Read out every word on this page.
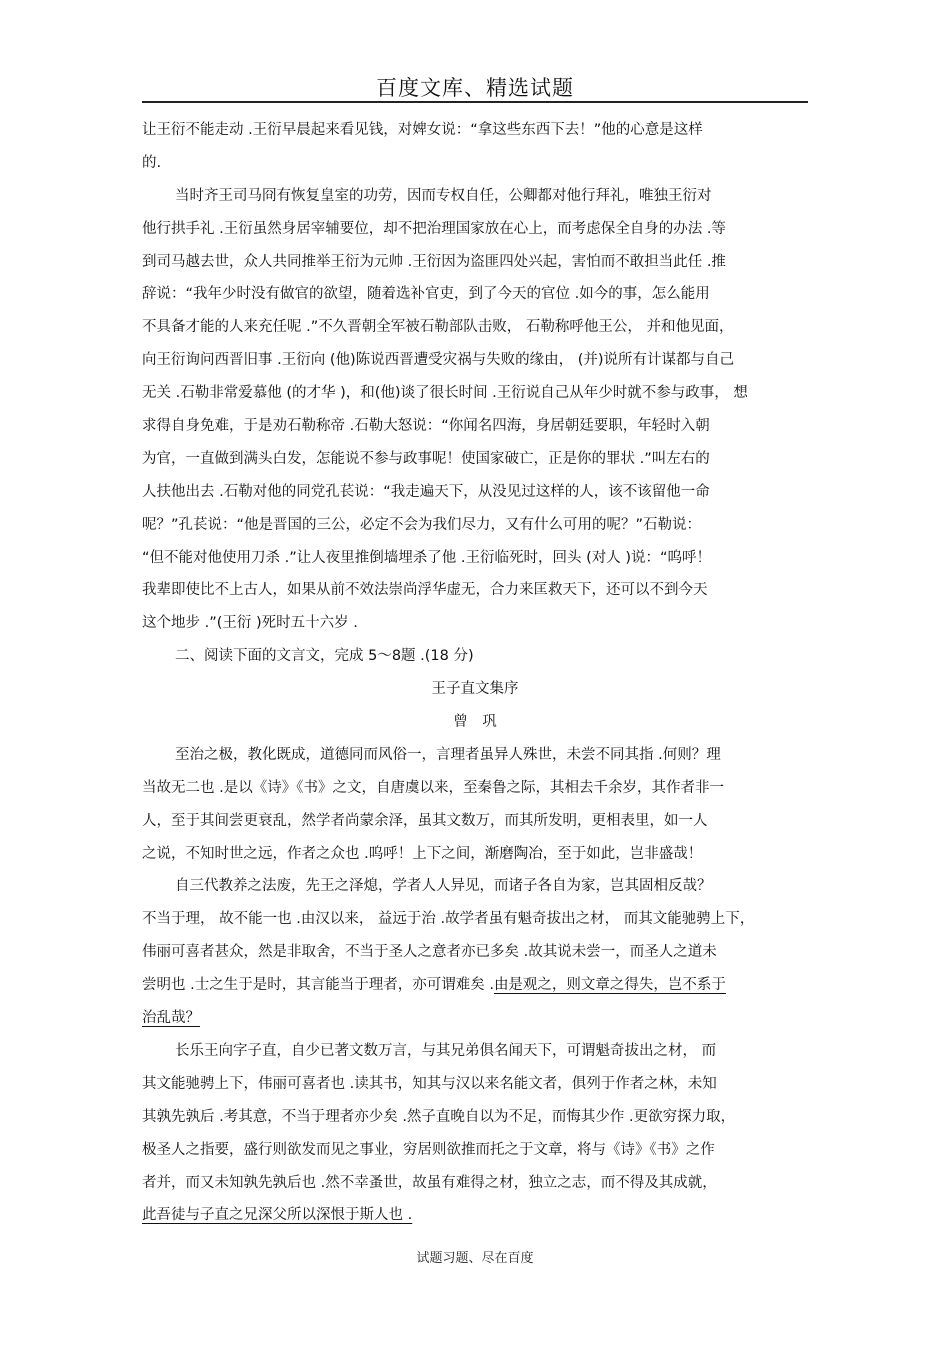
百度文库、精选试题
让王衍不能走动 .王衍早晨起来看见钱，对婢女说：“拿这些东西下去！”他的心意是这样
的.
当时齐王司马冏有恢复皇室的功劳，因而专权自任，公卿都对他行拜礼，唯独王衍对
他行拱手礼 .王衍虽然身居宰辅要位，却不把治理国家放在心上，而考虑保全自身的办法 .等
到司马越去世，众人共同推举王衍为元帅 .王衍因为盗匪四处兴起，害怕而不敢担当此任 .推
辞说：“我年少时没有做官的欲望，随着选补官吏，到了今天的官位 .如今的事，怎么能用
不具备才能的人来充任呢 .”不久晋朝全军被石勒部队击败， 石勒称呼他王公， 并和他见面，
向王衍询问西晋旧事 .王衍向 (他)陈说西晋遭受灾祸与失败的缘由， (并)说所有计谋都与自己
无关 .石勒非常爱慕他 (的才华 )，和(他)谈了很长时间 .王衍说自己从年少时就不参与政事， 想
求得自身免难，于是劝石勒称帝 .石勒大怒说：“你闻名四海，身居朝廷要职，年轻时入朝
为官，一直做到满头白发，怎能说不参与政事呢！使国家破亡，正是你的罪状 .”叫左右的
人扶他出去 .石勒对他的同党孔苌说：“我走遍天下，从没见过这样的人，该不该留他一命
呢？”孔苌说：“他是晋国的三公，必定不会为我们尽力，又有什么可用的呢？”石勒说：
“但不能对他使用刀杀 .”让人夜里推倒墙埋杀了他 .王衍临死时，回头 (对人 )说：“呜呼！
我辈即使比不上古人，如果从前不效法崇尚浮华虚无，合力来匡救天下，还可以不到今天
这个地步 .”(王衍 )死时五十六岁 .
二、阅读下面的文言文，完成 5～8题 .(18 分)
王子直文集序
曾　巩
至治之极，教化既成，道德同而风俗一，言理者虽异人殊世，未尝不同其指 .何则？理
当故无二也 .是以《诗》《书》之文，自唐虞以来，至秦鲁之际，其相去千余岁，其作者非一
人，至于其间尝更衰乱，然学者尚蒙余泽，虽其文数万，而其所发明，更相表里，如一人
之说，不知时世之远，作者之众也 .呜呼！上下之间，渐磨陶冶，至于如此，岂非盛哉！
自三代教养之法废，先王之泽熄，学者人人异见，而诸子各自为家，岂其固相反哉？
不当于理， 故不能一也 .由汉以来， 益远于治 .故学者虽有魁奇拔出之材， 而其文能驰骋上下，
伟丽可喜者甚众，然是非取舍，不当于圣人之意者亦已多矣 .故其说未尝一，而圣人之道未
尝明也 .士之生于是时，其言能当于理者，亦可谓难矣 .由是观之，则文章之得失，岂不系于
治乱哉？
长乐王向字子直，自少已著文数万言，与其兄弟俱名闻天下，可谓魁奇拔出之材， 而
其文能驰骋上下，伟丽可喜者也 .读其书，知其与汉以来名能文者，俱列于作者之林，未知
其孰先孰后 .考其意，不当于理者亦少矣 .然子直晚自以为不足，而悔其少作 .更欲穷探力取，
极圣人之指要，盛行则欲发而见之事业，穷居则欲推而托之于文章，将与《诗》《书》之作
者并，而又未知孰先孰后也 .然不幸蚤世，故虽有难得之材，独立之志，而不得及其成就，
此吾徒与子直之兄深父所以深恨于斯人也 .
试题习题、尽在百度
